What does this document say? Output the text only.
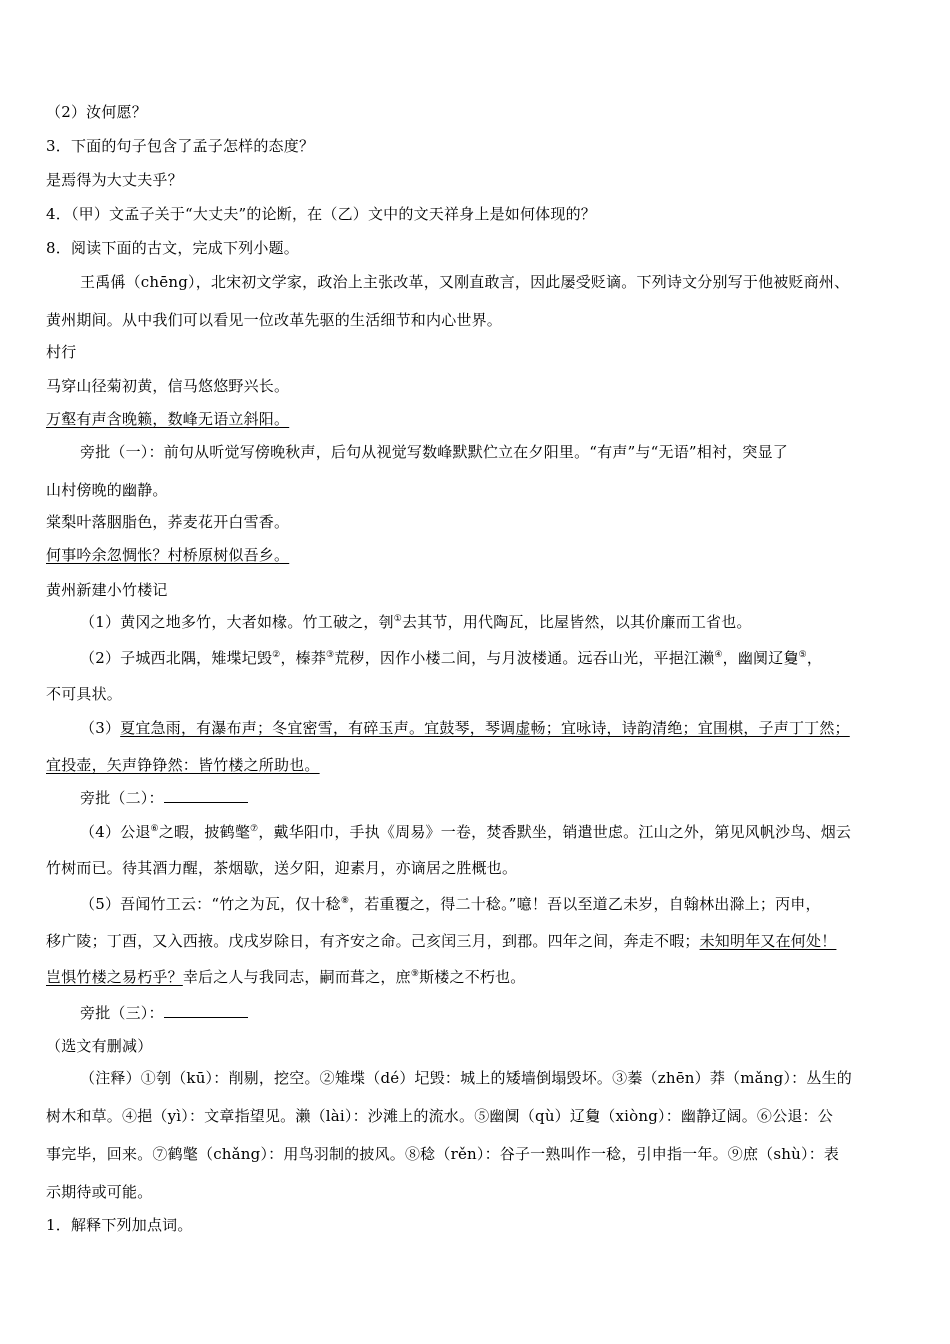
（2）汝何愿？
3．下面的句子包含了孟子怎样的态度？
是焉得为大丈夫乎？
4．（甲）文孟子关于“大丈夫”的论断，在（乙）文中的文天祥身上是如何体现的？
8．阅读下面的古文，完成下列小题。
王禹偁（chēng），北宋初文学家，政治上主张改革，又刚直敢言，因此屡受贬谪。下列诗文分别写于他被贬商州、
黄州期间。从中我们可以看见一位改革先驱的生活细节和内心世界。
村行
马穿山径菊初黄，信马悠悠野兴长。
万壑有声含晚籁，数峰无语立斜阳。
旁批（一）：前句从听觉写傍晚秋声，后句从视觉写数峰默默伫立在夕阳里。“有声”与“无语”相衬，突显了
山村傍晚的幽静。
棠梨叶落胭脂色，荞麦花开白雪香。
何事吟余忽惆怅？村桥原树似吾乡。
黄州新建小竹楼记
（1）黄冈之地多竹，大者如椽。竹工破之，刳①去其节，用代陶瓦，比屋皆然，以其价廉而工省也。
（2）子城西北隅，雉堞圮毁②，榛莽③荒秽，因作小楼二间，与月波楼通。远吞山光，平挹江濑④，幽阒辽敻⑤，
不可具状。
（3）夏宜急雨，有瀑布声；冬宜密雪，有碎玉声。宜鼓琴，琴调虚畅；宜咏诗，诗韵清绝；宜围棋，子声丁丁然；
宜投壶，矢声铮铮然：皆竹楼之所助也。
旁批（二）：
（4）公退⑥之暇，披鹤氅⑦，戴华阳巾，手执《周易》一卷，焚香默坐，销遣世虑。江山之外，第见风帆沙鸟、烟云
竹树而已。待其酒力醒，茶烟歇，送夕阳，迎素月，亦谪居之胜概也。
（5）吾闻竹工云：“竹之为瓦，仅十稔⑧，若重覆之，得二十稔。”噫！吾以至道乙未岁，自翰林出滁上；丙申，
移广陵；丁酉，又入西掖。戊戌岁除日，有齐安之命。己亥闰三月，到郡。四年之间，奔走不暇；未知明年又在何处！
岂惧竹楼之易朽乎？幸后之人与我同志，嗣而葺之，庶⑨斯楼之不朽也。
旁批（三）：
（选文有删减）
（注释）①刳（kū）：削剔，挖空。②雉堞（dé）圮毁：城上的矮墙倒塌毁坏。③蓁（zhēn）莽（mǎng）：丛生的
树木和草。④挹（yì）：文章指望见。濑（lài）：沙滩上的流水。⑤幽阒（qù）辽敻（xiòng）：幽静辽阔。⑥公退：公
事完毕，回来。⑦鹤氅（chǎng）：用鸟羽制的披风。⑧稔（rěn）：谷子一熟叫作一稔，引申指一年。⑨庶（shù）：表
示期待或可能。
1．解释下列加点词。
